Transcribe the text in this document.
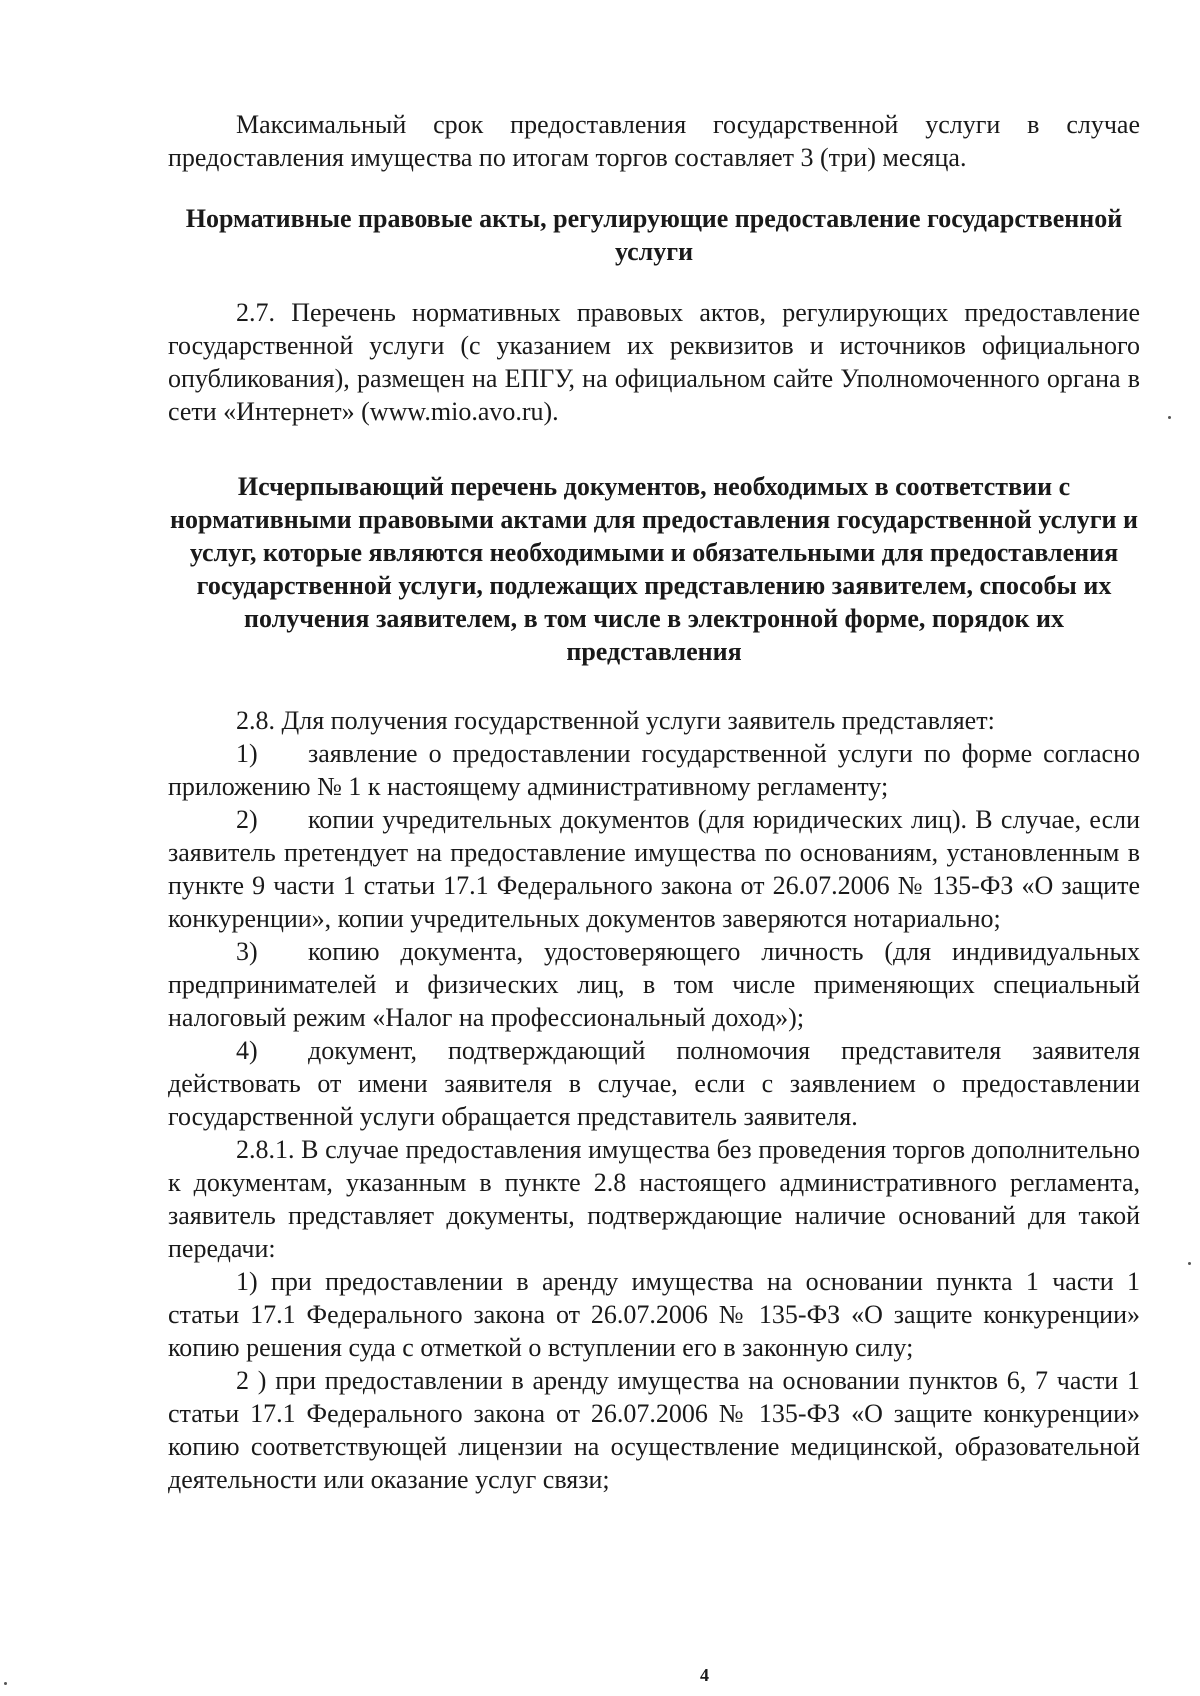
Максимальный срок предоставления государственной услуги в случае предоставления имущества по итогам торгов составляет 3 (три) месяца.

Нормативные правовые акты, регулирующие предоставление государственной услуги

2.7. Перечень нормативных правовых актов, регулирующих предоставление государственной услуги (с указанием их реквизитов и источников официального опубликования), размещен на ЕПГУ, на официальном сайте Уполномоченного органа в сети «Интернет» (www.mio.avo.ru).

Исчерпывающий перечень документов, необходимых в соответствии с нормативными правовыми актами для предоставления государственной услуги и услуг, которые являются необходимыми и обязательными для предоставления государственной услуги, подлежащих представлению заявителем, способы их получения заявителем, в том числе в электронной форме, порядок их представления

2.8. Для получения государственной услуги заявитель представляет:

1) заявление о предоставлении государственной услуги по форме согласно приложению № 1 к настоящему административному регламенту;

2) копии учредительных документов (для юридических лиц). В случае, если заявитель претендует на предоставление имущества по основаниям, установленным в пункте 9 части 1 статьи 17.1 Федерального закона от 26.07.2006 № 135-ФЗ «О защите конкуренции», копии учредительных документов заверяются нотариально;

3) копию документа, удостоверяющего личность (для индивидуальных предпринимателей и физических лиц, в том числе применяющих специальный налоговый режим «Налог на профессиональный доход»);

4) документ, подтверждающий полномочия представителя заявителя действовать от имени заявителя в случае, если с заявлением о предоставлении государственной услуги обращается представитель заявителя.

2.8.1. В случае предоставления имущества без проведения торгов дополнительно к документам, указанным в пункте 2.8 настоящего административного регламента, заявитель представляет документы, подтверждающие наличие оснований для такой передачи:

1) при предоставлении в аренду имущества на основании пункта 1 части 1 статьи 17.1 Федерального закона от 26.07.2006 № 135-ФЗ «О защите конкуренции» копию решения суда с отметкой о вступлении его в законную силу;

2 ) при предоставлении в аренду имущества на основании пунктов 6, 7 части 1 статьи 17.1 Федерального закона от 26.07.2006 № 135-ФЗ «О защите конкуренции» копию соответствующей лицензии на осуществление медицинской, образовательной деятельности или оказание услуг связи;

4
